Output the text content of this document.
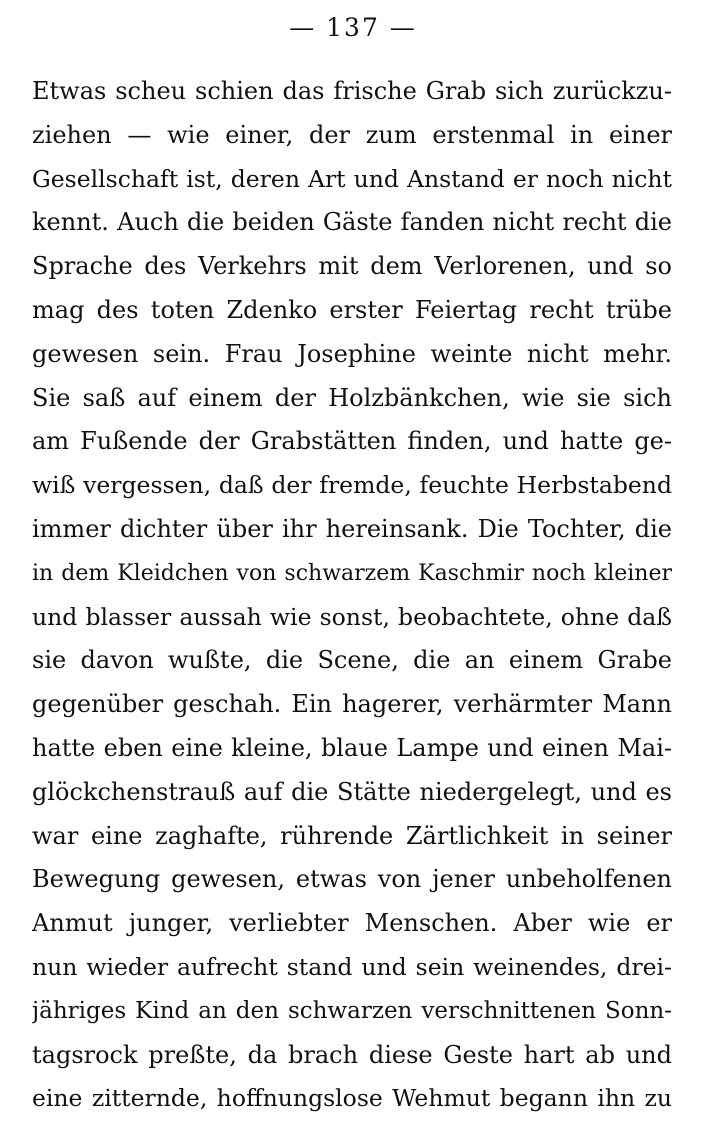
— 137 —
Etwas scheu schien das frische Grab sich zurückzu-
ziehen — wie einer, der zum erstenmal in einer
Gesellschaft ist, deren Art und Anstand er noch nicht
kennt. Auch die beiden Gäste fanden nicht recht die
Sprache des Verkehrs mit dem Verlorenen, und so
mag des toten Zdenko erster Feiertag recht trübe
gewesen sein. Frau Josephine weinte nicht mehr.
Sie saß auf einem der Holzbänkchen, wie sie sich
am Fußende der Grabstätten finden, und hatte ge-
wiß vergessen, daß der fremde, feuchte Herbstabend
immer dichter über ihr hereinsank. Die Tochter, die
in dem Kleidchen von schwarzem Kaschmir noch kleiner
und blasser aussah wie sonst, beobachtete, ohne daß
sie davon wußte, die Scene, die an einem Grabe
gegenüber geschah. Ein hagerer, verhärmter Mann
hatte eben eine kleine, blaue Lampe und einen Mai-
glöckchenstrauß auf die Stätte niedergelegt, und es
war eine zaghafte, rührende Zärtlichkeit in seiner
Bewegung gewesen, etwas von jener unbeholfenen
Anmut junger, verliebter Menschen. Aber wie er
nun wieder aufrecht stand und sein weinendes, drei-
jähriges Kind an den schwarzen verschnittenen Sonn-
tagsrock preßte, da brach diese Geste hart ab und
eine zitternde, hoffnungslose Wehmut begann ihn zu
